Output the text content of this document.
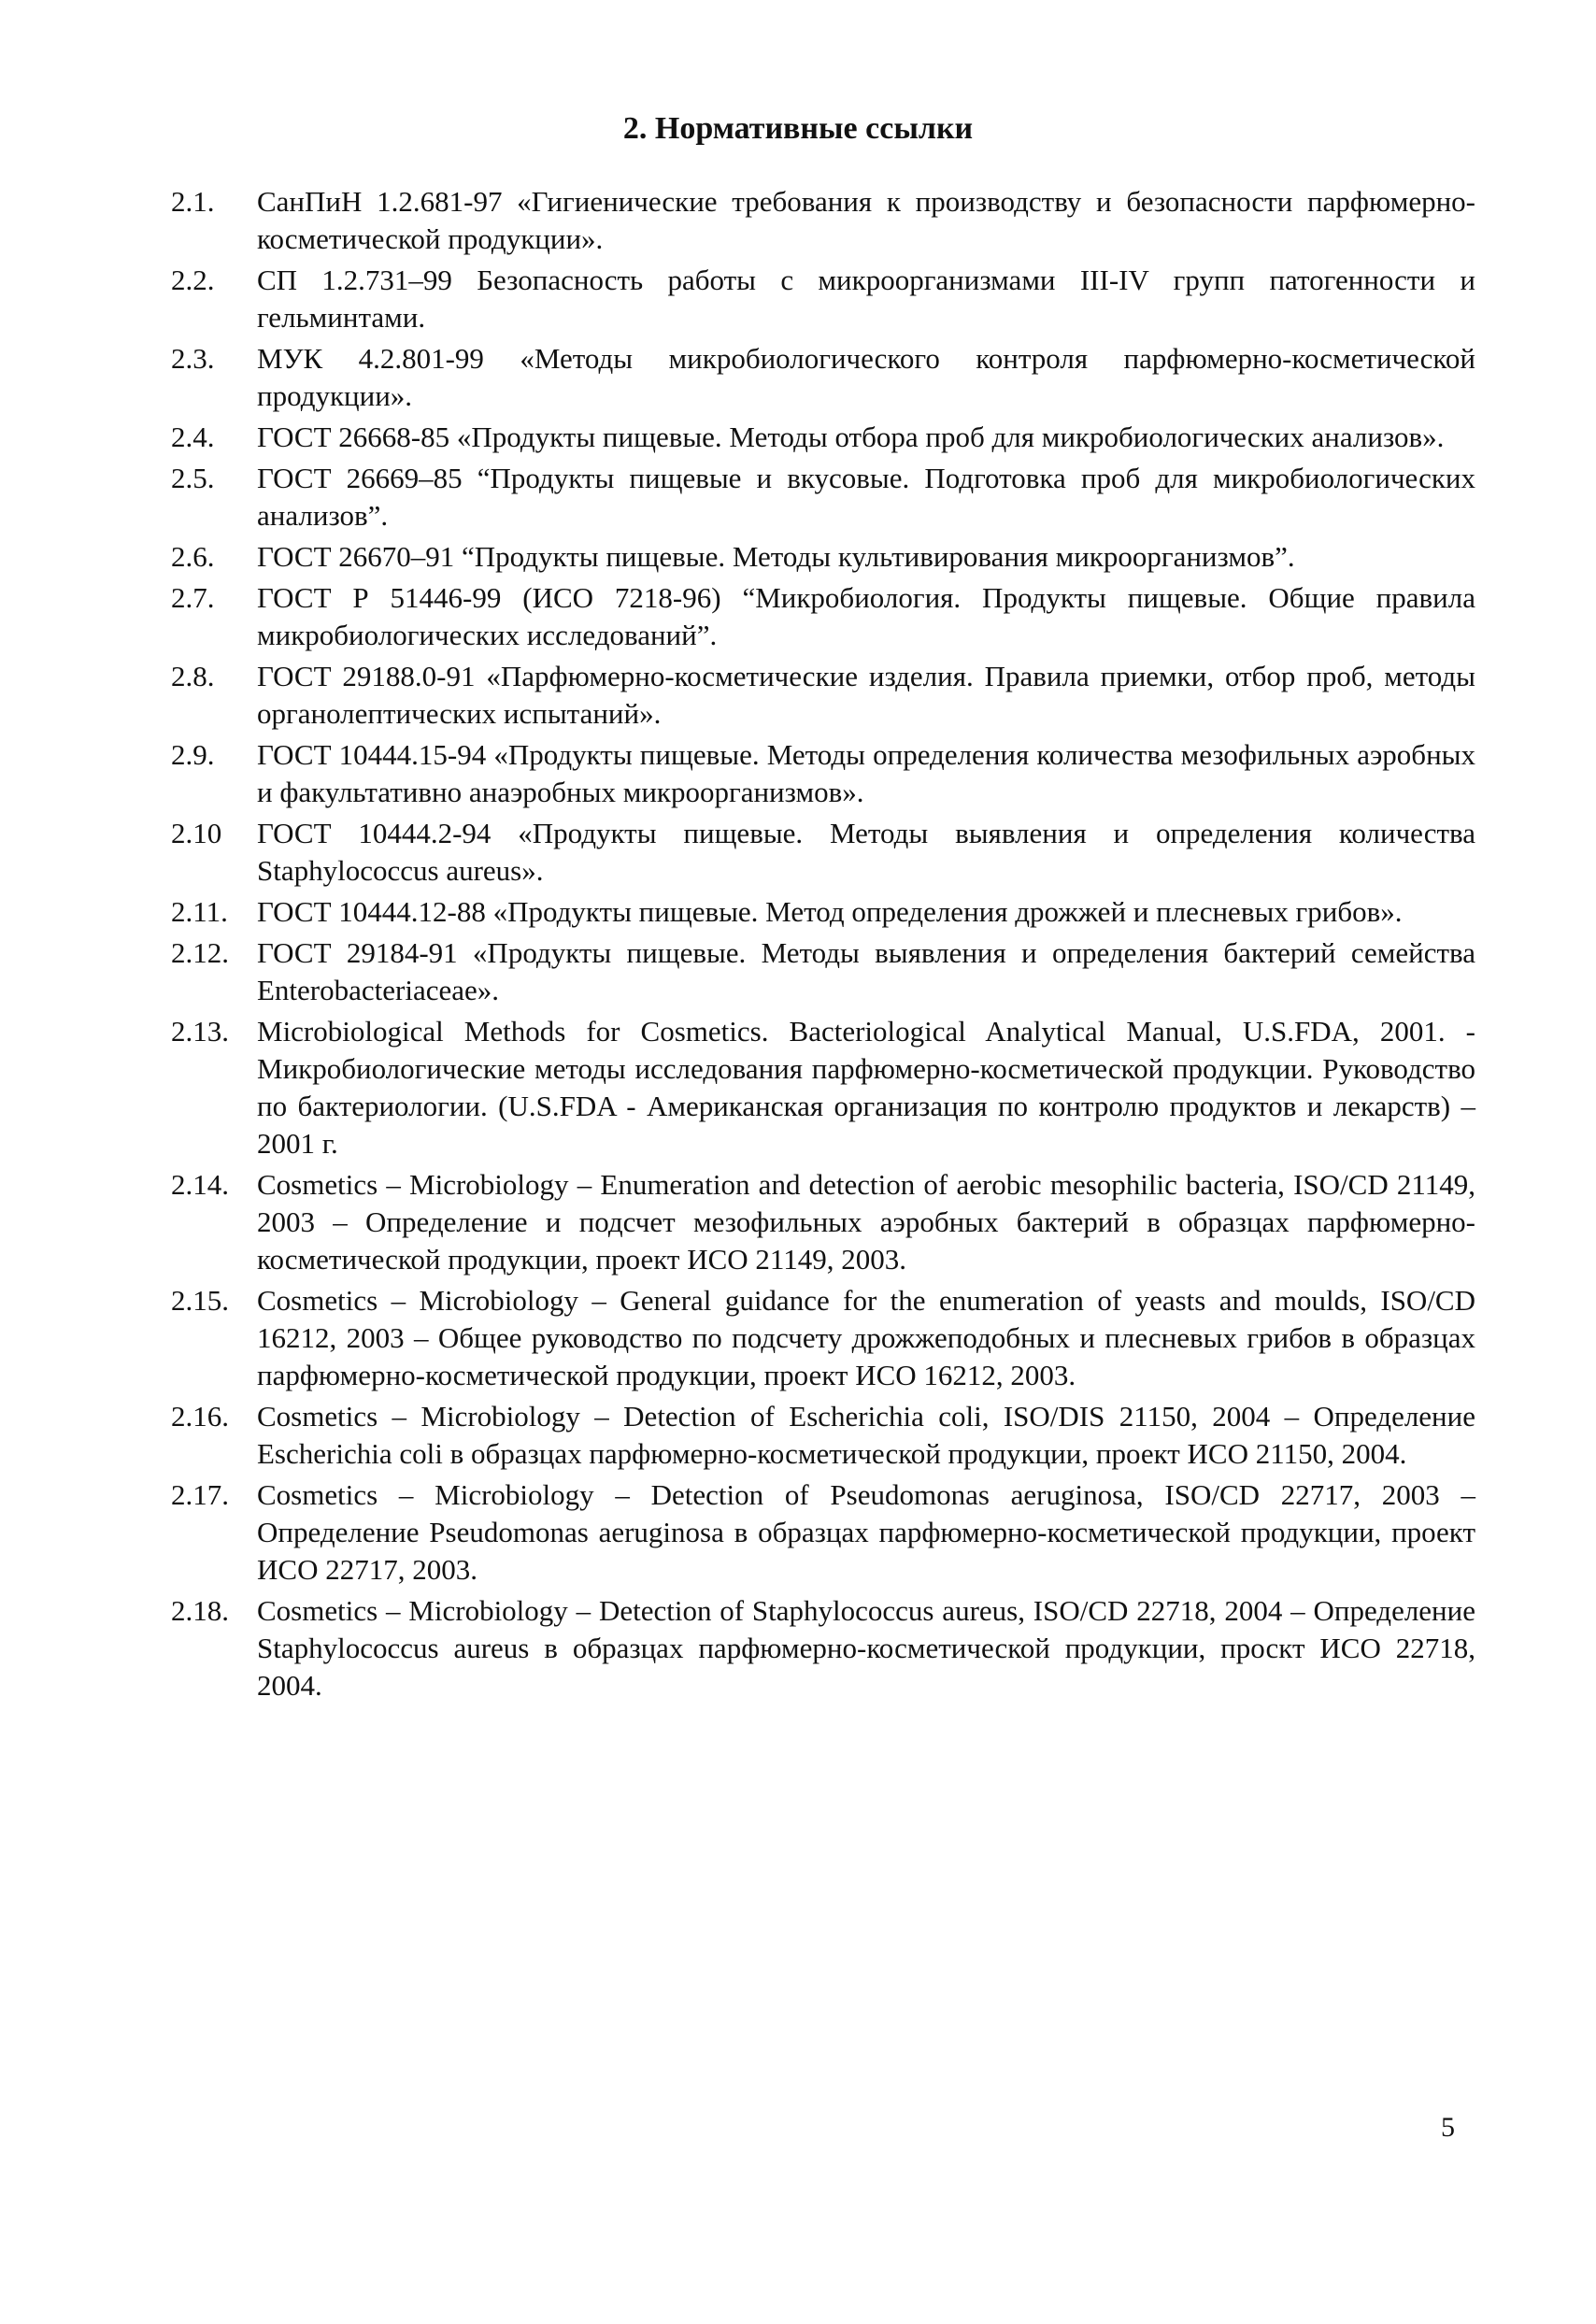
2. Нормативные ссылки
2.1. СанПиН 1.2.681-97 «Гигиенические требования к производству и безопасности парфюмерно-косметической продукции».
2.2. СП 1.2.731–99 Безопасность работы с микроорганизмами III-IV групп патогенности и гельминтами.
2.3. МУК 4.2.801-99 «Методы микробиологического контроля парфюмерно-косметической продукции».
2.4. ГОСТ 26668-85 «Продукты пищевые. Методы отбора проб для микробиологических анализов».
2.5. ГОСТ 26669–85 “Продукты пищевые и вкусовые. Подготовка проб для микробиологических анализов”.
2.6. ГОСТ 26670–91 “Продукты пищевые. Методы культивирования микроорганизмов”.
2.7. ГОСТ Р 51446-99 (ИСО 7218-96) “Микробиология. Продукты пищевые. Общие правила микробиологических исследований”.
2.8. ГОСТ 29188.0-91 «Парфюмерно-косметические изделия. Правила приемки, отбор проб, методы органолептических испытаний».
2.9. ГОСТ 10444.15-94 «Продукты пищевые. Методы определения количества мезофильных аэробных и факультативно анаэробных микроорганизмов».
2.10 ГОСТ 10444.2-94 «Продукты пищевые. Методы выявления и определения количества Staphylococcus aureus».
2.11. ГОСТ 10444.12-88 «Продукты пищевые. Метод определения дрожжей и плесневых грибов».
2.12. ГОСТ 29184-91 «Продукты пищевые. Методы выявления и определения бактерий семейства Enterobacteriaceae».
2.13. Microbiological Methods for Cosmetics. Bacteriological Analytical Manual, U.S.FDA, 2001. - Микробиологические методы исследования парфюмерно-косметической продукции. Руководство по бактериологии. (U.S.FDA - Американская организация по контролю продуктов и лекарств) – 2001 г.
2.14. Cosmetics – Microbiology – Enumeration and detection of aerobic mesophilic bacteria, ISO/CD 21149, 2003 – Определение и подсчет мезофильных аэробных бактерий в образцах парфюмерно-косметической продукции, проект ИСО 21149, 2003.
2.15. Cosmetics – Microbiology – General guidance for the enumeration of yeasts and moulds, ISO/CD 16212, 2003 – Общее руководство по подсчету дрожжеподобных и плесневых грибов в образцах парфюмерно-косметической продукции, проект ИСО 16212, 2003.
2.16. Cosmetics – Microbiology – Detection of Escherichia coli, ISO/DIS 21150, 2004 – Определение Escherichia coli в образцах парфюмерно-косметической продукции, проект ИСО 21150, 2004.
2.17. Cosmetics – Microbiology – Detection of Pseudomonas aeruginosa, ISO/CD 22717, 2003 – Определение Pseudomonas aeruginosa в образцах парфюмерно-косметической продукции, проект ИСО 22717, 2003.
2.18. Cosmetics – Microbiology – Detection of Staphylococcus aureus, ISO/CD 22718, 2004 – Определение Staphylococcus aureus в образцах парфюмерно-косметической продукции, проскт ИСО 22718, 2004.
5
